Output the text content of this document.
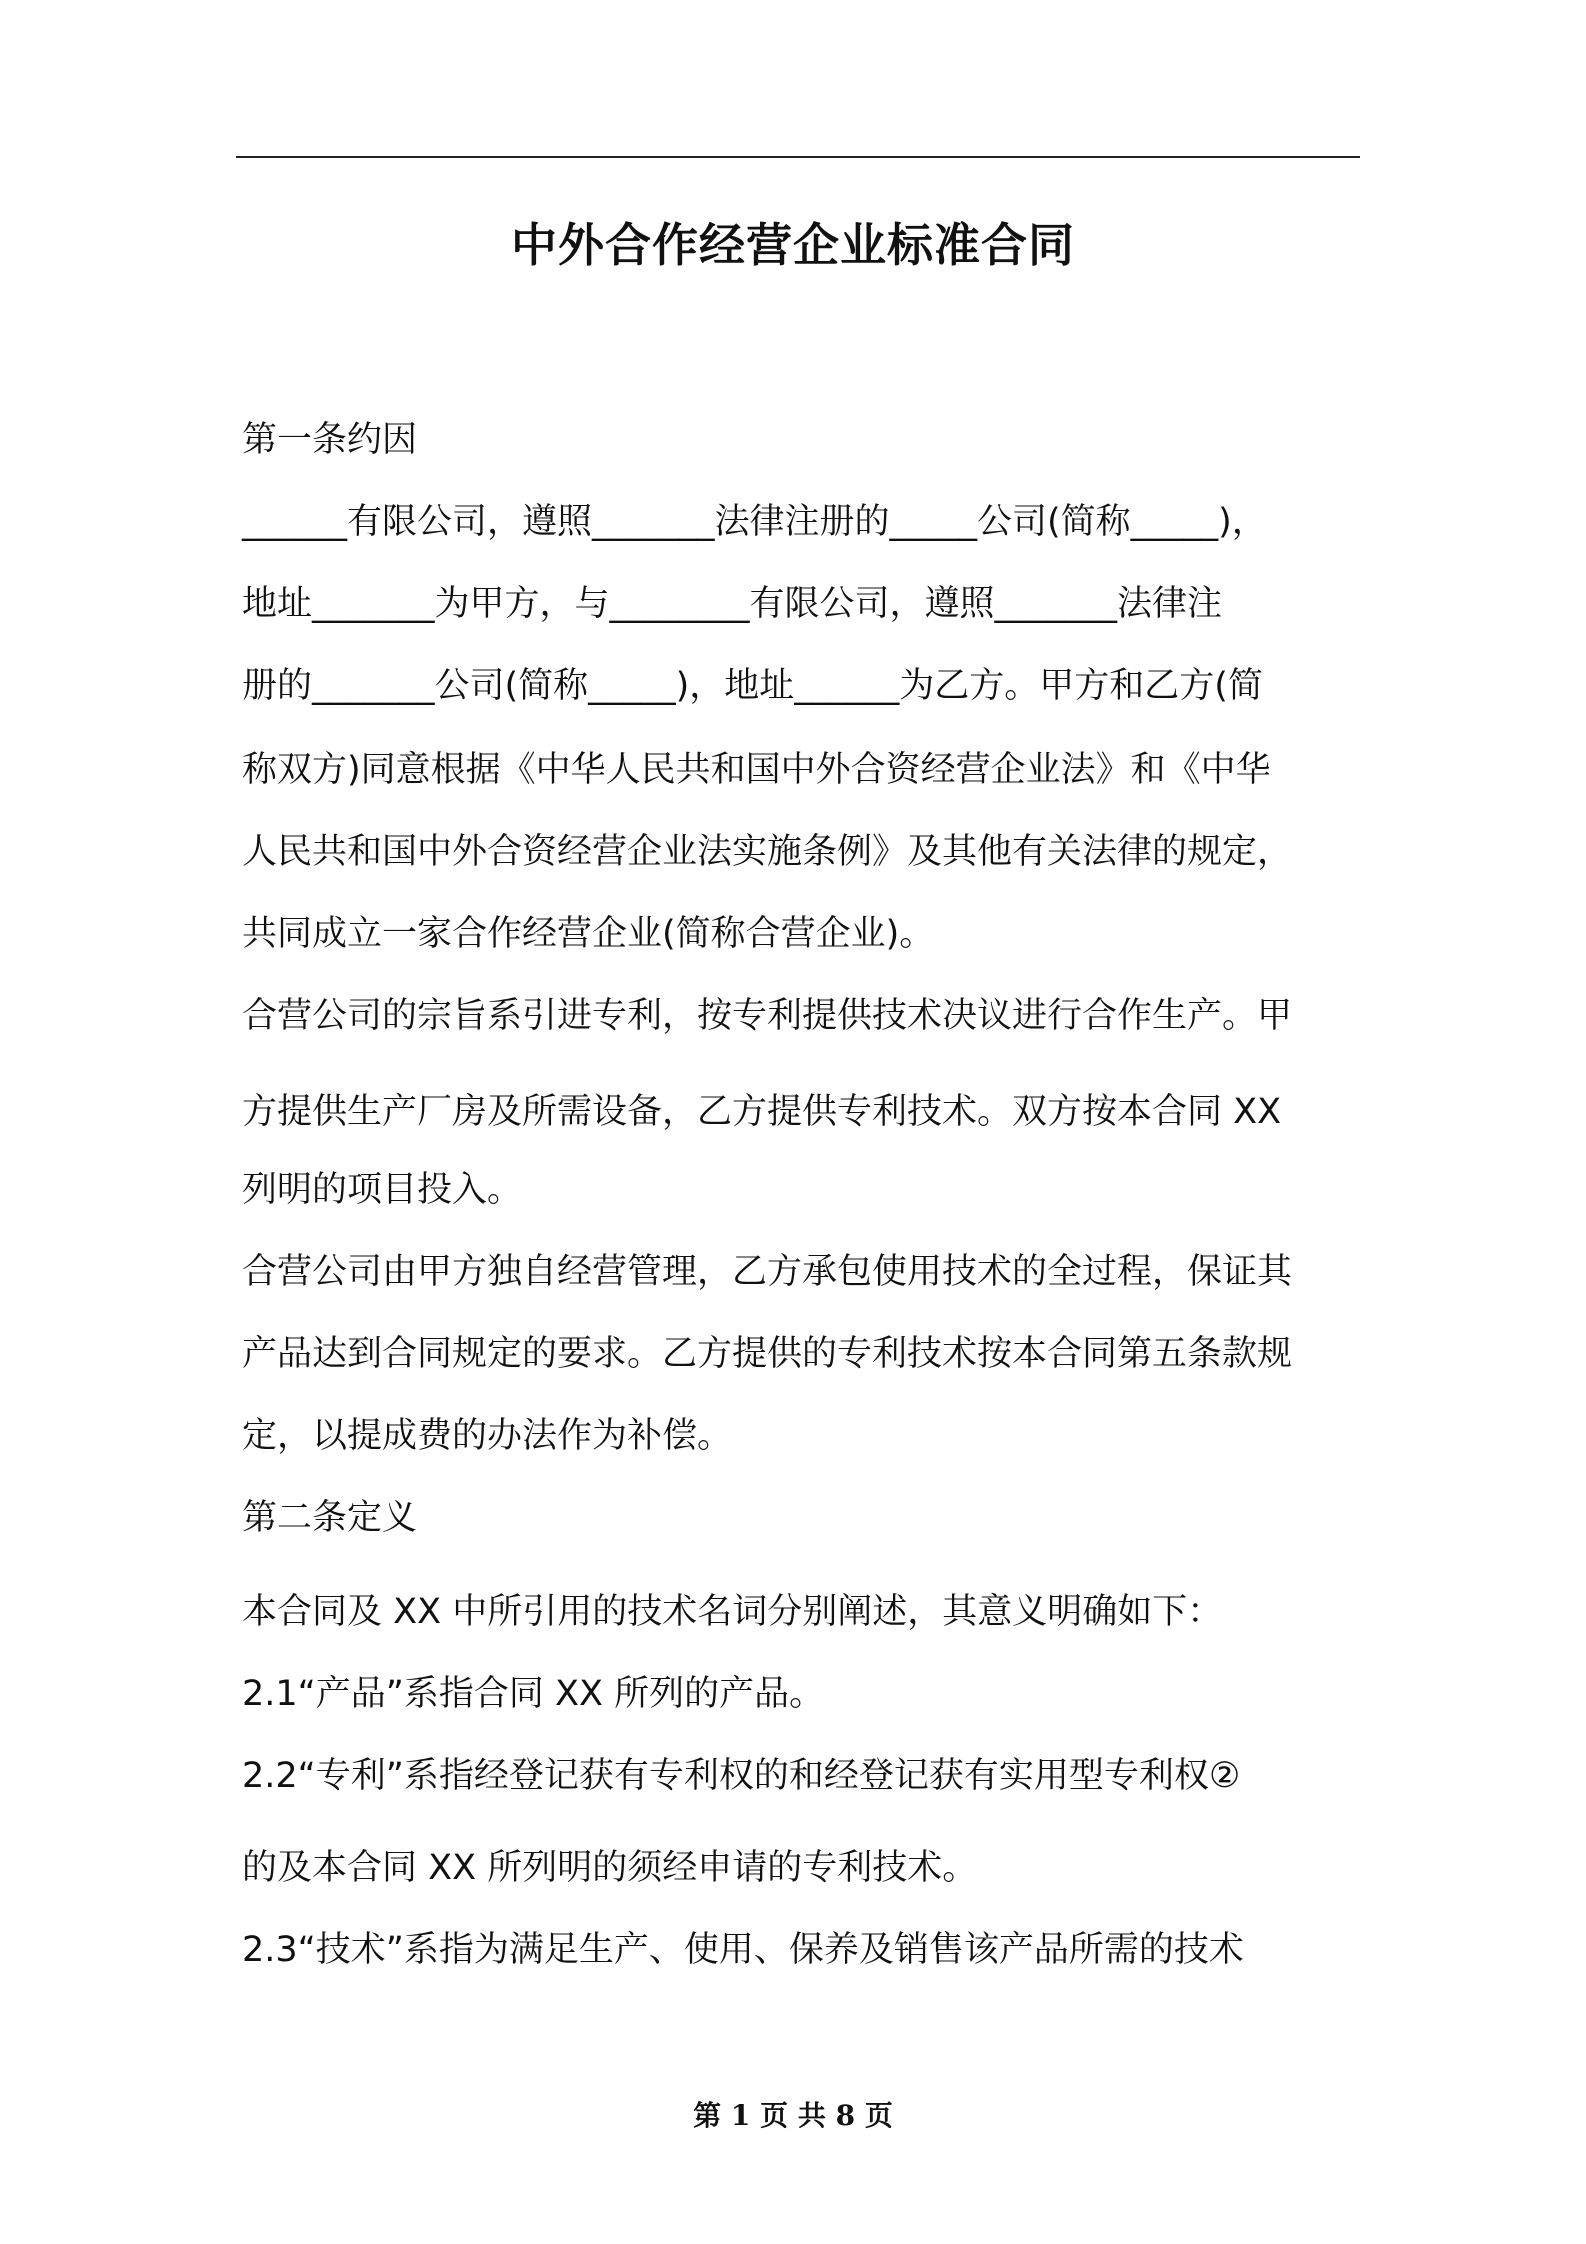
中外合作经营企业标准合同

第一条约因

______有限公司，遵照_______法律注册的_____公司(简称_____)，

地址_______为甲方，与________有限公司，遵照_______法律注

册的_______公司(简称_____)，地址______为乙方。甲方和乙方(简

称双方)同意根据《中华人民共和国中外合资经营企业法》和《中华

人民共和国中外合资经营企业法实施条例》及其他有关法律的规定，

共同成立一家合作经营企业(简称合营企业)。

合营公司的宗旨系引进专利，按专利提供技术决议进行合作生产。甲

方提供生产厂房及所需设备，乙方提供专利技术。双方按本合同 XX

列明的项目投入。

合营公司由甲方独自经营管理，乙方承包使用技术的全过程，保证其

产品达到合同规定的要求。乙方提供的专利技术按本合同第五条款规

定，以提成费的办法作为补偿。

第二条定义

本合同及 XX 中所引用的技术名词分别阐述，其意义明确如下：

2.1“产品”系指合同 XX 所列的产品。

2.2“专利”系指经登记获有专利权的和经登记获有实用型专利权②

的及本合同 XX 所列明的须经申请的专利技术。

2.3“技术”系指为满足生产、使用、保养及销售该产品所需的技术

第 1 页 共 8 页
